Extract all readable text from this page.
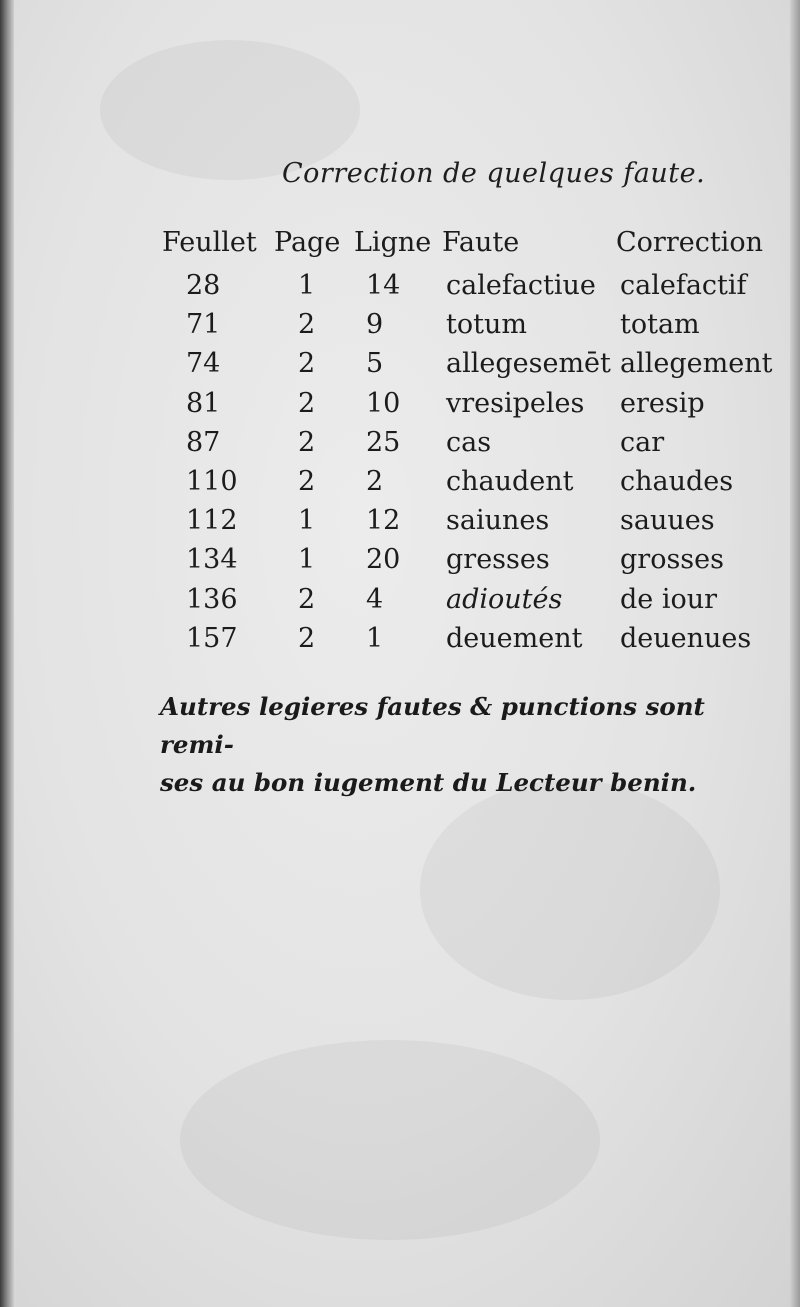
Correction de quelques faute.
Feullet	Page	Ligne	Faute	Correction
28	1	14	calefactiue	calefactif
71	2	9	totum	totam
74	2	5	allegesemēt	allegement
81	2	10	vresipeles	eresip
87	2	25	cas	car
110	2	2	chaudent	chaudes
112	1	12	saiunes	sauues
134	1	20	gresses	grosses
136	2	4	adioutés	de iour
157	2	1	deuement	deuenues
Autres legieres fautes & punctions sont remi-
ses au bon iugement du Lecteur benin.
